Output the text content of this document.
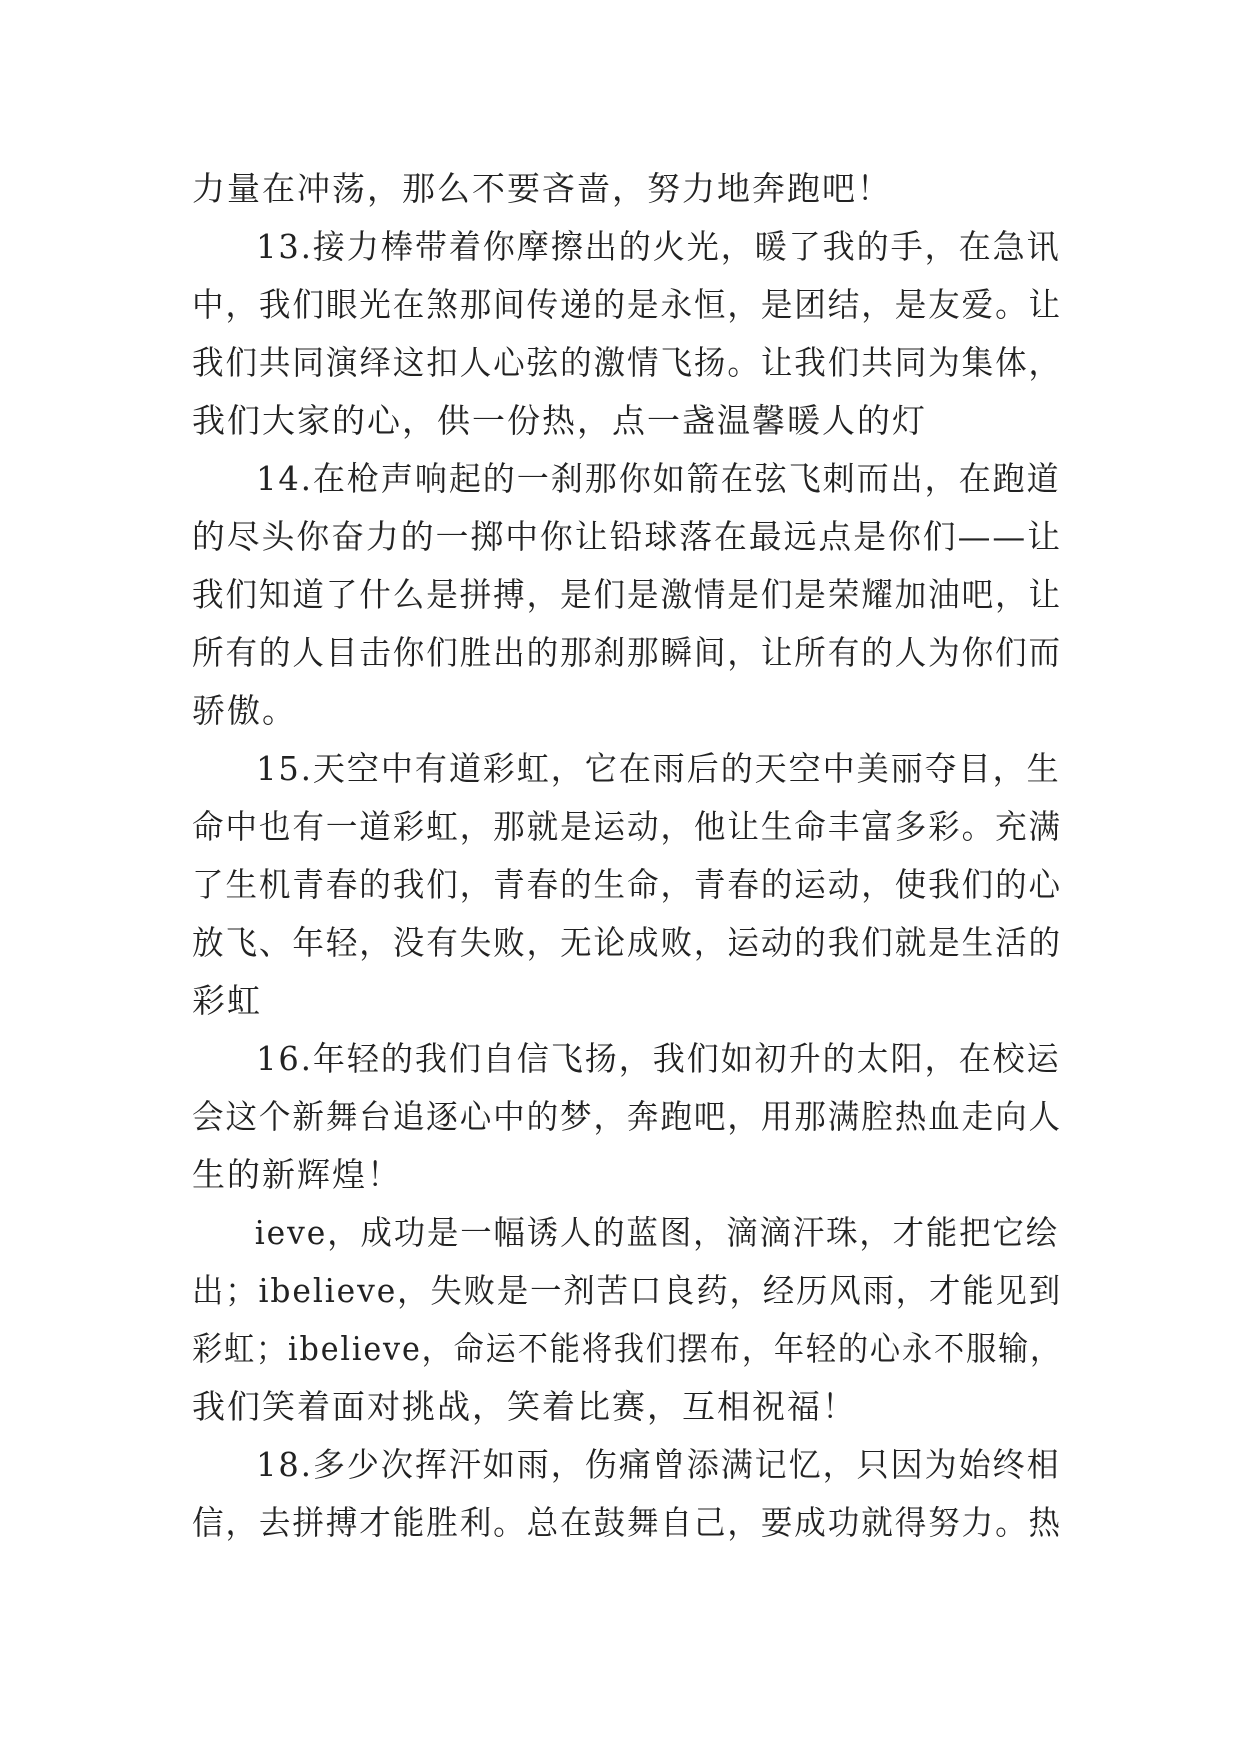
力量在冲荡，那么不要吝啬，努力地奔跑吧！
13.接力棒带着你摩擦出的火光，暖了我的手，在急讯
中，我们眼光在煞那间传递的是永恒，是团结，是友爱。让
我们共同演绎这扣人心弦的激情飞扬。让我们共同为集体，
我们大家的心，供一份热，点一盏温馨暖人的灯
14.在枪声响起的一刹那你如箭在弦飞刺而出，在跑道
的尽头你奋力的一掷中你让铅球落在最远点是你们——让
我们知道了什么是拼搏，是们是激情是们是荣耀加油吧，让
所有的人目击你们胜出的那刹那瞬间，让所有的人为你们而
骄傲。
15.天空中有道彩虹，它在雨后的天空中美丽夺目，生
命中也有一道彩虹，那就是运动，他让生命丰富多彩。充满
了生机青春的我们，青春的生命，青春的运动，使我们的心
放飞、年轻，没有失败，无论成败，运动的我们就是生活的
彩虹
16.年轻的我们自信飞扬，我们如初升的太阳，在校运
会这个新舞台追逐心中的梦，奔跑吧，用那满腔热血走向人
生的新辉煌！
ieve，成功是一幅诱人的蓝图，滴滴汗珠，才能把它绘
出；ibelieve，失败是一剂苦口良药，经历风雨，才能见到
彩虹；ibelieve，命运不能将我们摆布，年轻的心永不服输，
我们笑着面对挑战，笑着比赛，互相祝福！
18.多少次挥汗如雨，伤痛曾添满记忆，只因为始终相
信，去拼搏才能胜利。总在鼓舞自己，要成功就得努力。热
